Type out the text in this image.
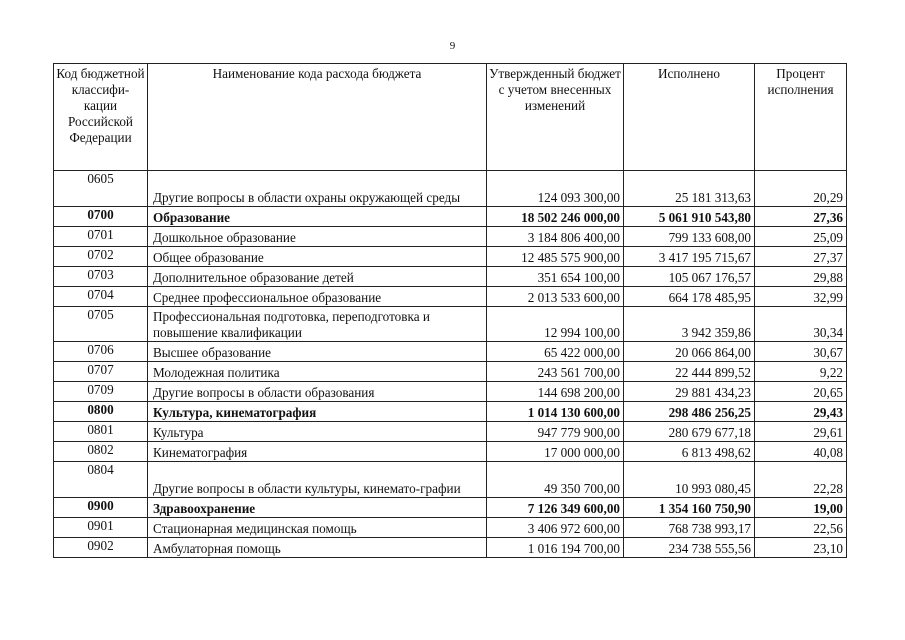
9
Код бюджетной классифи-кации Российской Федерации	Наименование кода расхода бюджета	Утвержденный бюджет с учетом внесенных изменений	Исполнено	Процент исполнения
0605	Другие вопросы в области охраны окружающей среды	124 093 300,00	25 181 313,63	20,29
0700	Образование	18 502 246 000,00	5 061 910 543,80	27,36
0701	Дошкольное образование	3 184 806 400,00	799 133 608,00	25,09
0702	Общее образование	12 485 575 900,00	3 417 195 715,67	27,37
0703	Дополнительное образование детей	351 654 100,00	105 067 176,57	29,88
0704	Среднее профессиональное образование	2 013 533 600,00	664 178 485,95	32,99
0705	Профессиональная подготовка, переподготовка и повышение квалификации	12 994 100,00	3 942 359,86	30,34
0706	Высшее образование	65 422 000,00	20 066 864,00	30,67
0707	Молодежная политика	243 561 700,00	22 444 899,52	9,22
0709	Другие вопросы в области образования	144 698 200,00	29 881 434,23	20,65
0800	Культура, кинематография	1 014 130 600,00	298 486 256,25	29,43
0801	Культура	947 779 900,00	280 679 677,18	29,61
0802	Кинематография	17 000 000,00	6 813 498,62	40,08
0804	Другие вопросы в области культуры, кинемато-графии	49 350 700,00	10 993 080,45	22,28
0900	Здравоохранение	7 126 349 600,00	1 354 160 750,90	19,00
0901	Стационарная медицинская помощь	3 406 972 600,00	768 738 993,17	22,56
0902	Амбулаторная помощь	1 016 194 700,00	234 738 555,56	23,10
